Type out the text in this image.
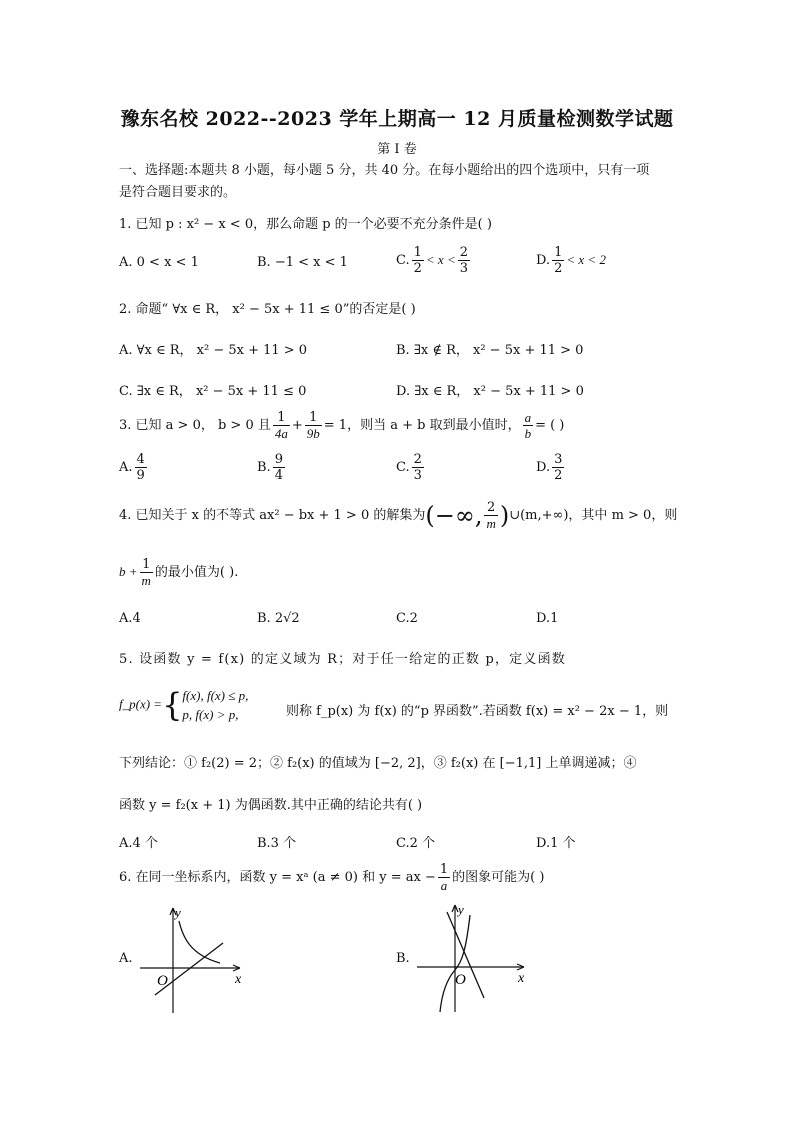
豫东名校 2022--2023 学年上期高一 12 月质量检测数学试题
第 I 卷
一、选择题:本题共 8 小题，每小题 5 分，共 40 分。在每小题给出的四个选项中，只有一项
是符合题目要求的。
1. 已知 p : x² − x < 0，那么命题 p 的一个必要不充分条件是( )
A. 0 < x < 1	B. −1 < x < 1	C. $\frac{1}{2} < x < \frac{2}{3}$	D. $\frac{1}{2} < x < 2$
2. 命题“ ∀x ∈ R， x² − 5x + 11 ≤ 0”的否定是( )
A. ∀x ∈ R， x² − 5x + 11 > 0	B. ∃x ∉ R， x² − 5x + 11 > 0
C. ∃x ∈ R， x² − 5x + 11 ≤ 0	D. ∃x ∈ R， x² − 5x + 11 > 0
3. 已知 a > 0， b > 0 且 $\frac{1}{4a} + \frac{1}{9b} = 1$，则当 a + b 取到最小值时， $\frac{a}{b}$ = ( )
A. $\frac{4}{9}$	B. $\frac{9}{4}$	C. $\frac{2}{3}$	D. $\frac{3}{2}$
4. 已知关于 x 的不等式 ax² − bx + 1 > 0 的解集为(−∞, $\frac{2}{m}$ )∪(m,+∞)，其中 m > 0，则
$b + \frac{1}{m}$ 的最小值为( ).
A.4	B. 2√2	C.2	D.1
5. 设函数 y = f(x) 的定义域为 R；对于任一给定的正数 p，定义函数
f_p(x) ={ f(x), f(x) ≤ p,
p, f(x) > p,	则称 f_p(x) 为 f(x) 的“p 界函数”.若函数 f(x) = x² − 2x − 1，则
下列结论：① f₂(2) = 2；② f₂(x) 的值域为 [−2, 2]，③ f₂(x) 在 [−1,1] 上单调递减；④
函数 y = f₂(x + 1) 为偶函数.其中正确的结论共有( )
A.4 个	B.3 个	C.2 个	D.1 个
6. 在同一坐标系内，函数 y = xᵃ (a ≠ 0) 和 y = ax − $\frac{1}{a}$ 的图象可能为( )
A.	B.
x
y
O	x
y
O
